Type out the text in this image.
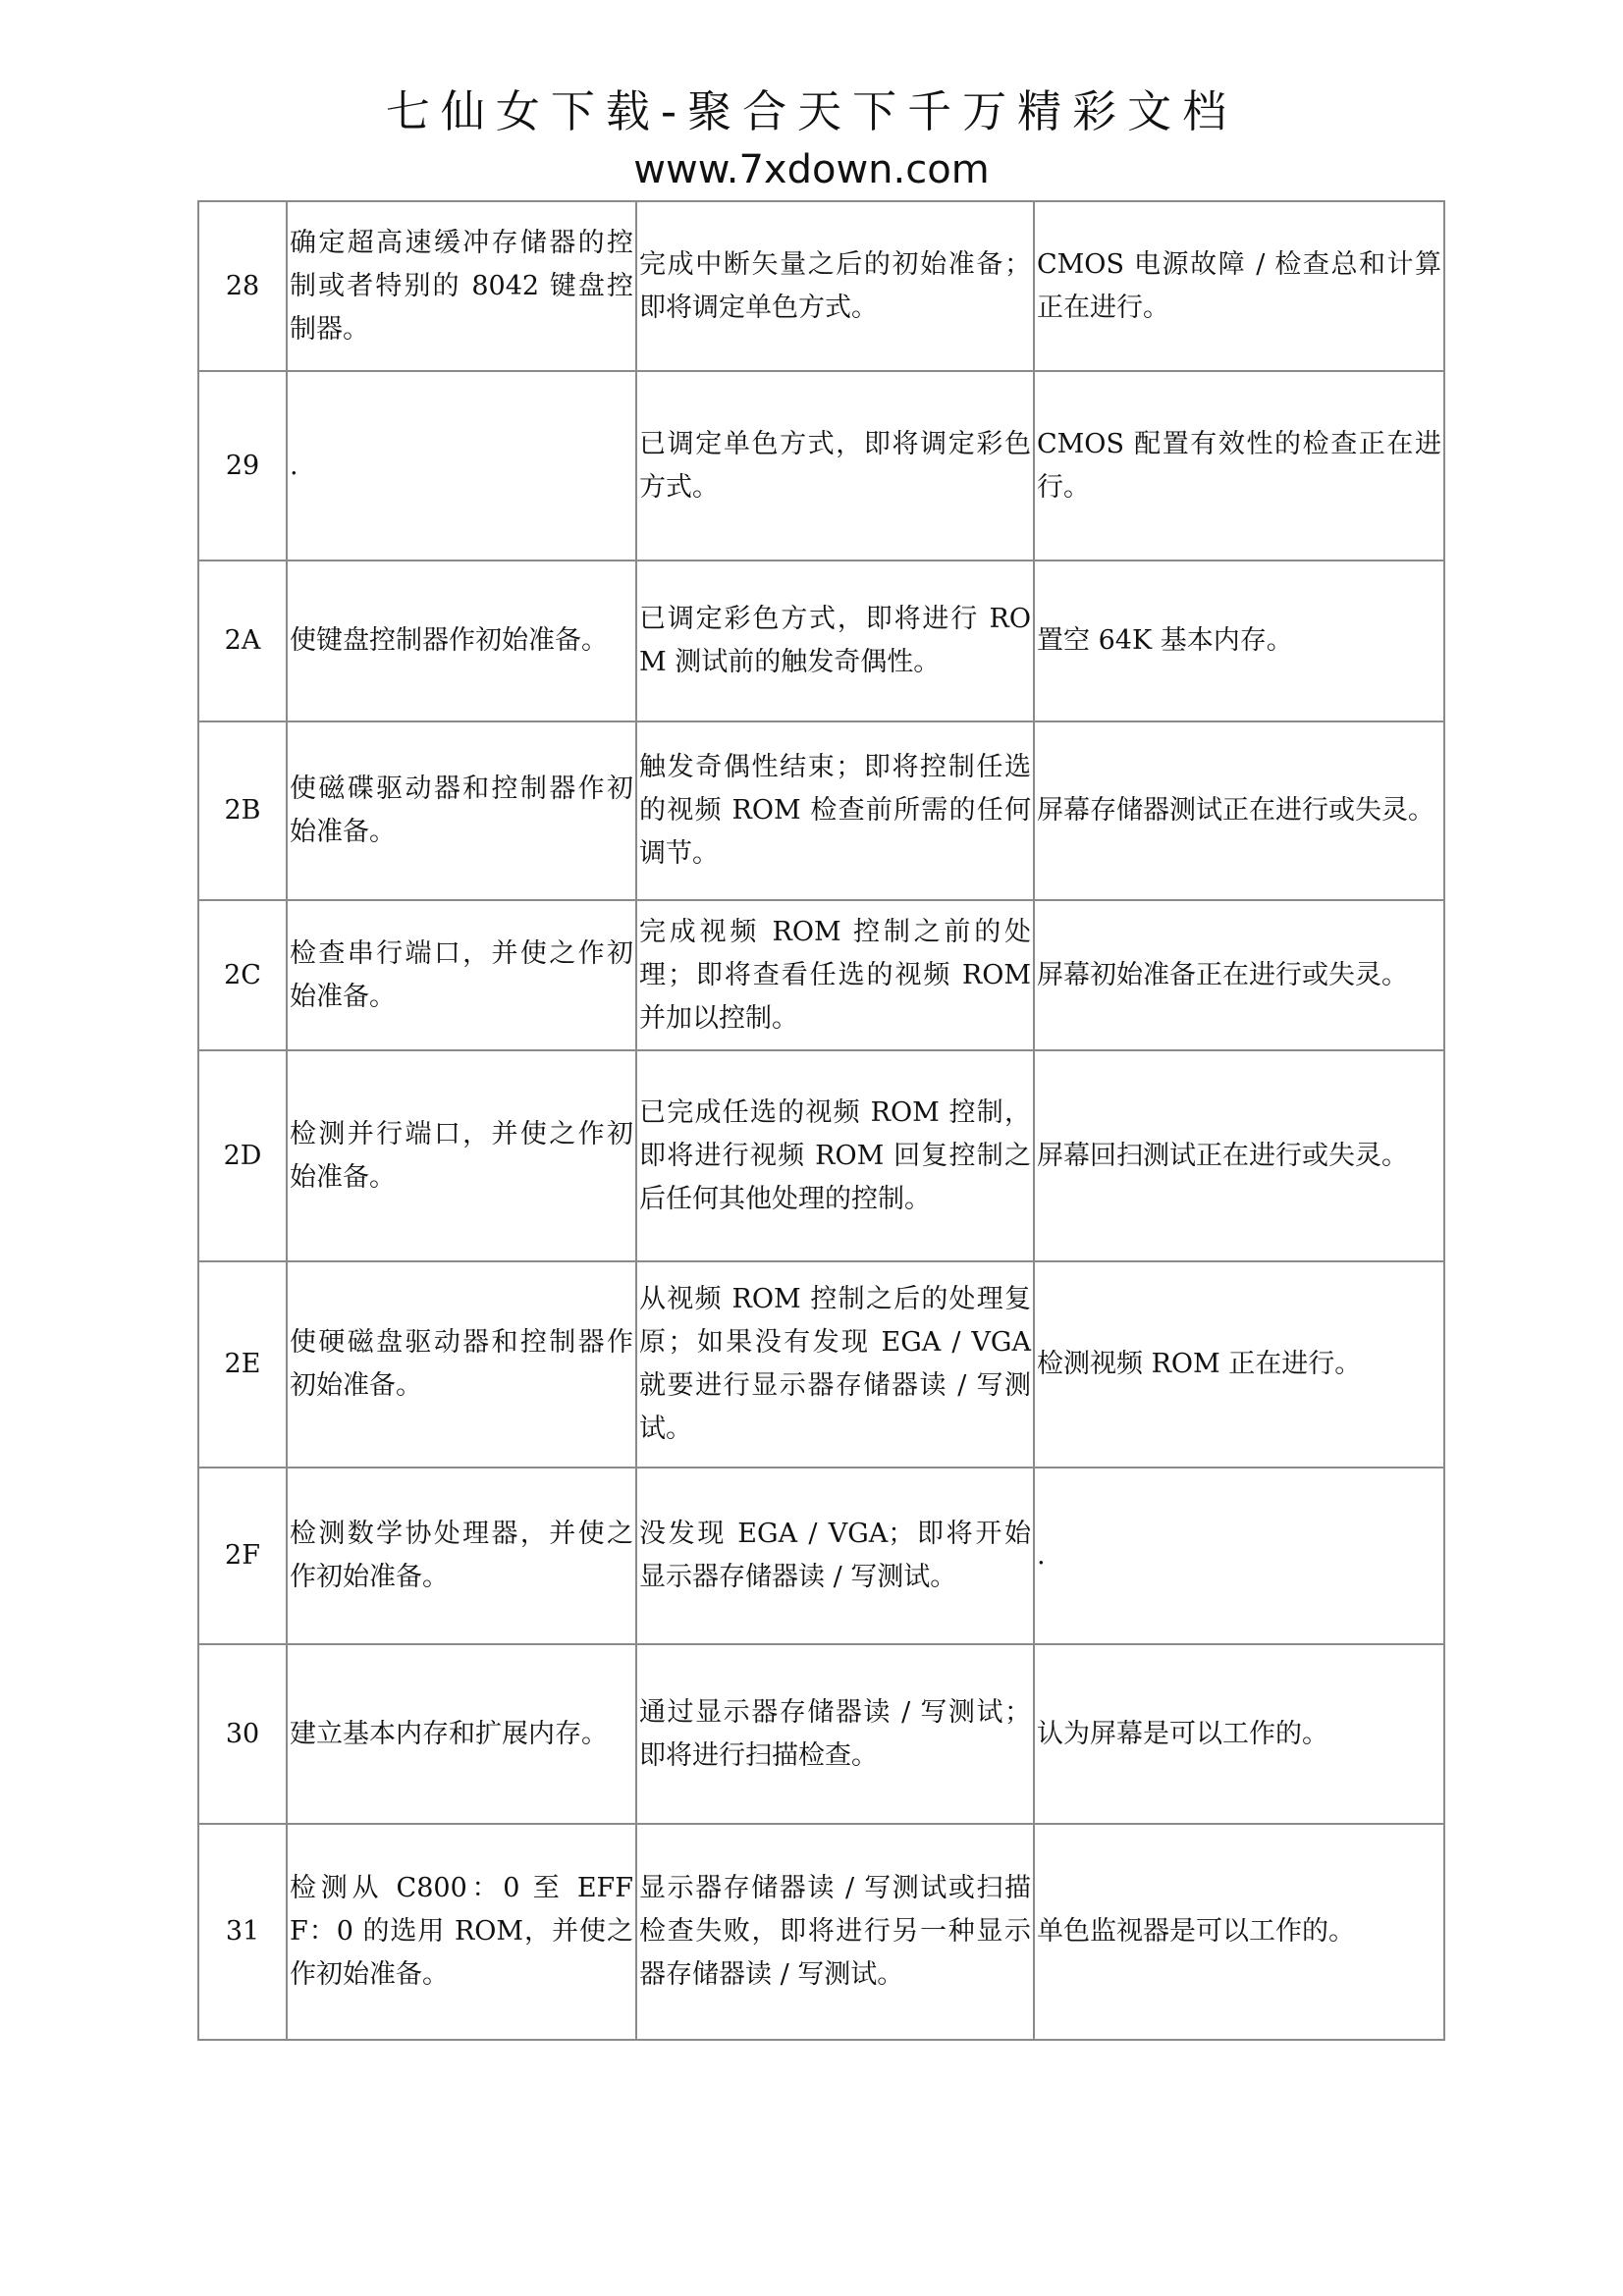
七仙女下载-聚合天下千万精彩文档
www.7xdown.com
28	确定超高速缓冲存储器的控制或者特别的 8042 键盘控制器。	完成中断矢量之后的初始准备；即将调定单色方式。	CMOS 电源故障 / 检查总和计算正在进行。
29	.	已调定单色方式，即将调定彩色方式。	CMOS 配置有效性的检查正在进行。
2A	使键盘控制器作初始准备。	已调定彩色方式，即将进行 ROM 测试前的触发奇偶性。	置空 64K 基本内存。
2B	使磁碟驱动器和控制器作初始准备。	触发奇偶性结束；即将控制任选的视频 ROM 检查前所需的任何调节。	屏幕存储器测试正在进行或失灵。
2C	检查串行端口，并使之作初始准备。	完成视频 ROM 控制之前的处理；即将查看任选的视频 ROM 并加以控制。	屏幕初始准备正在进行或失灵。
2D	检测并行端口，并使之作初始准备。	已完成任选的视频 ROM 控制，即将进行视频 ROM 回复控制之后任何其他处理的控制。	屏幕回扫测试正在进行或失灵。
2E	使硬磁盘驱动器和控制器作初始准备。	从视频 ROM 控制之后的处理复原；如果没有发现 EGA / VGA 就要进行显示器存储器读 / 写测试。	检测视频 ROM 正在进行。
2F	检测数学协处理器，并使之作初始准备。	没发现 EGA / VGA；即将开始显示器存储器读 / 写测试。	.
30	建立基本内存和扩展内存。	通过显示器存储器读 / 写测试；即将进行扫描检查。	认为屏幕是可以工作的。
31	检测从 C800：0 至 EFFF：0 的选用 ROM，并使之作初始准备。	显示器存储器读 / 写测试或扫描检查失败，即将进行另一种显示器存储器读 / 写测试。	单色监视器是可以工作的。
